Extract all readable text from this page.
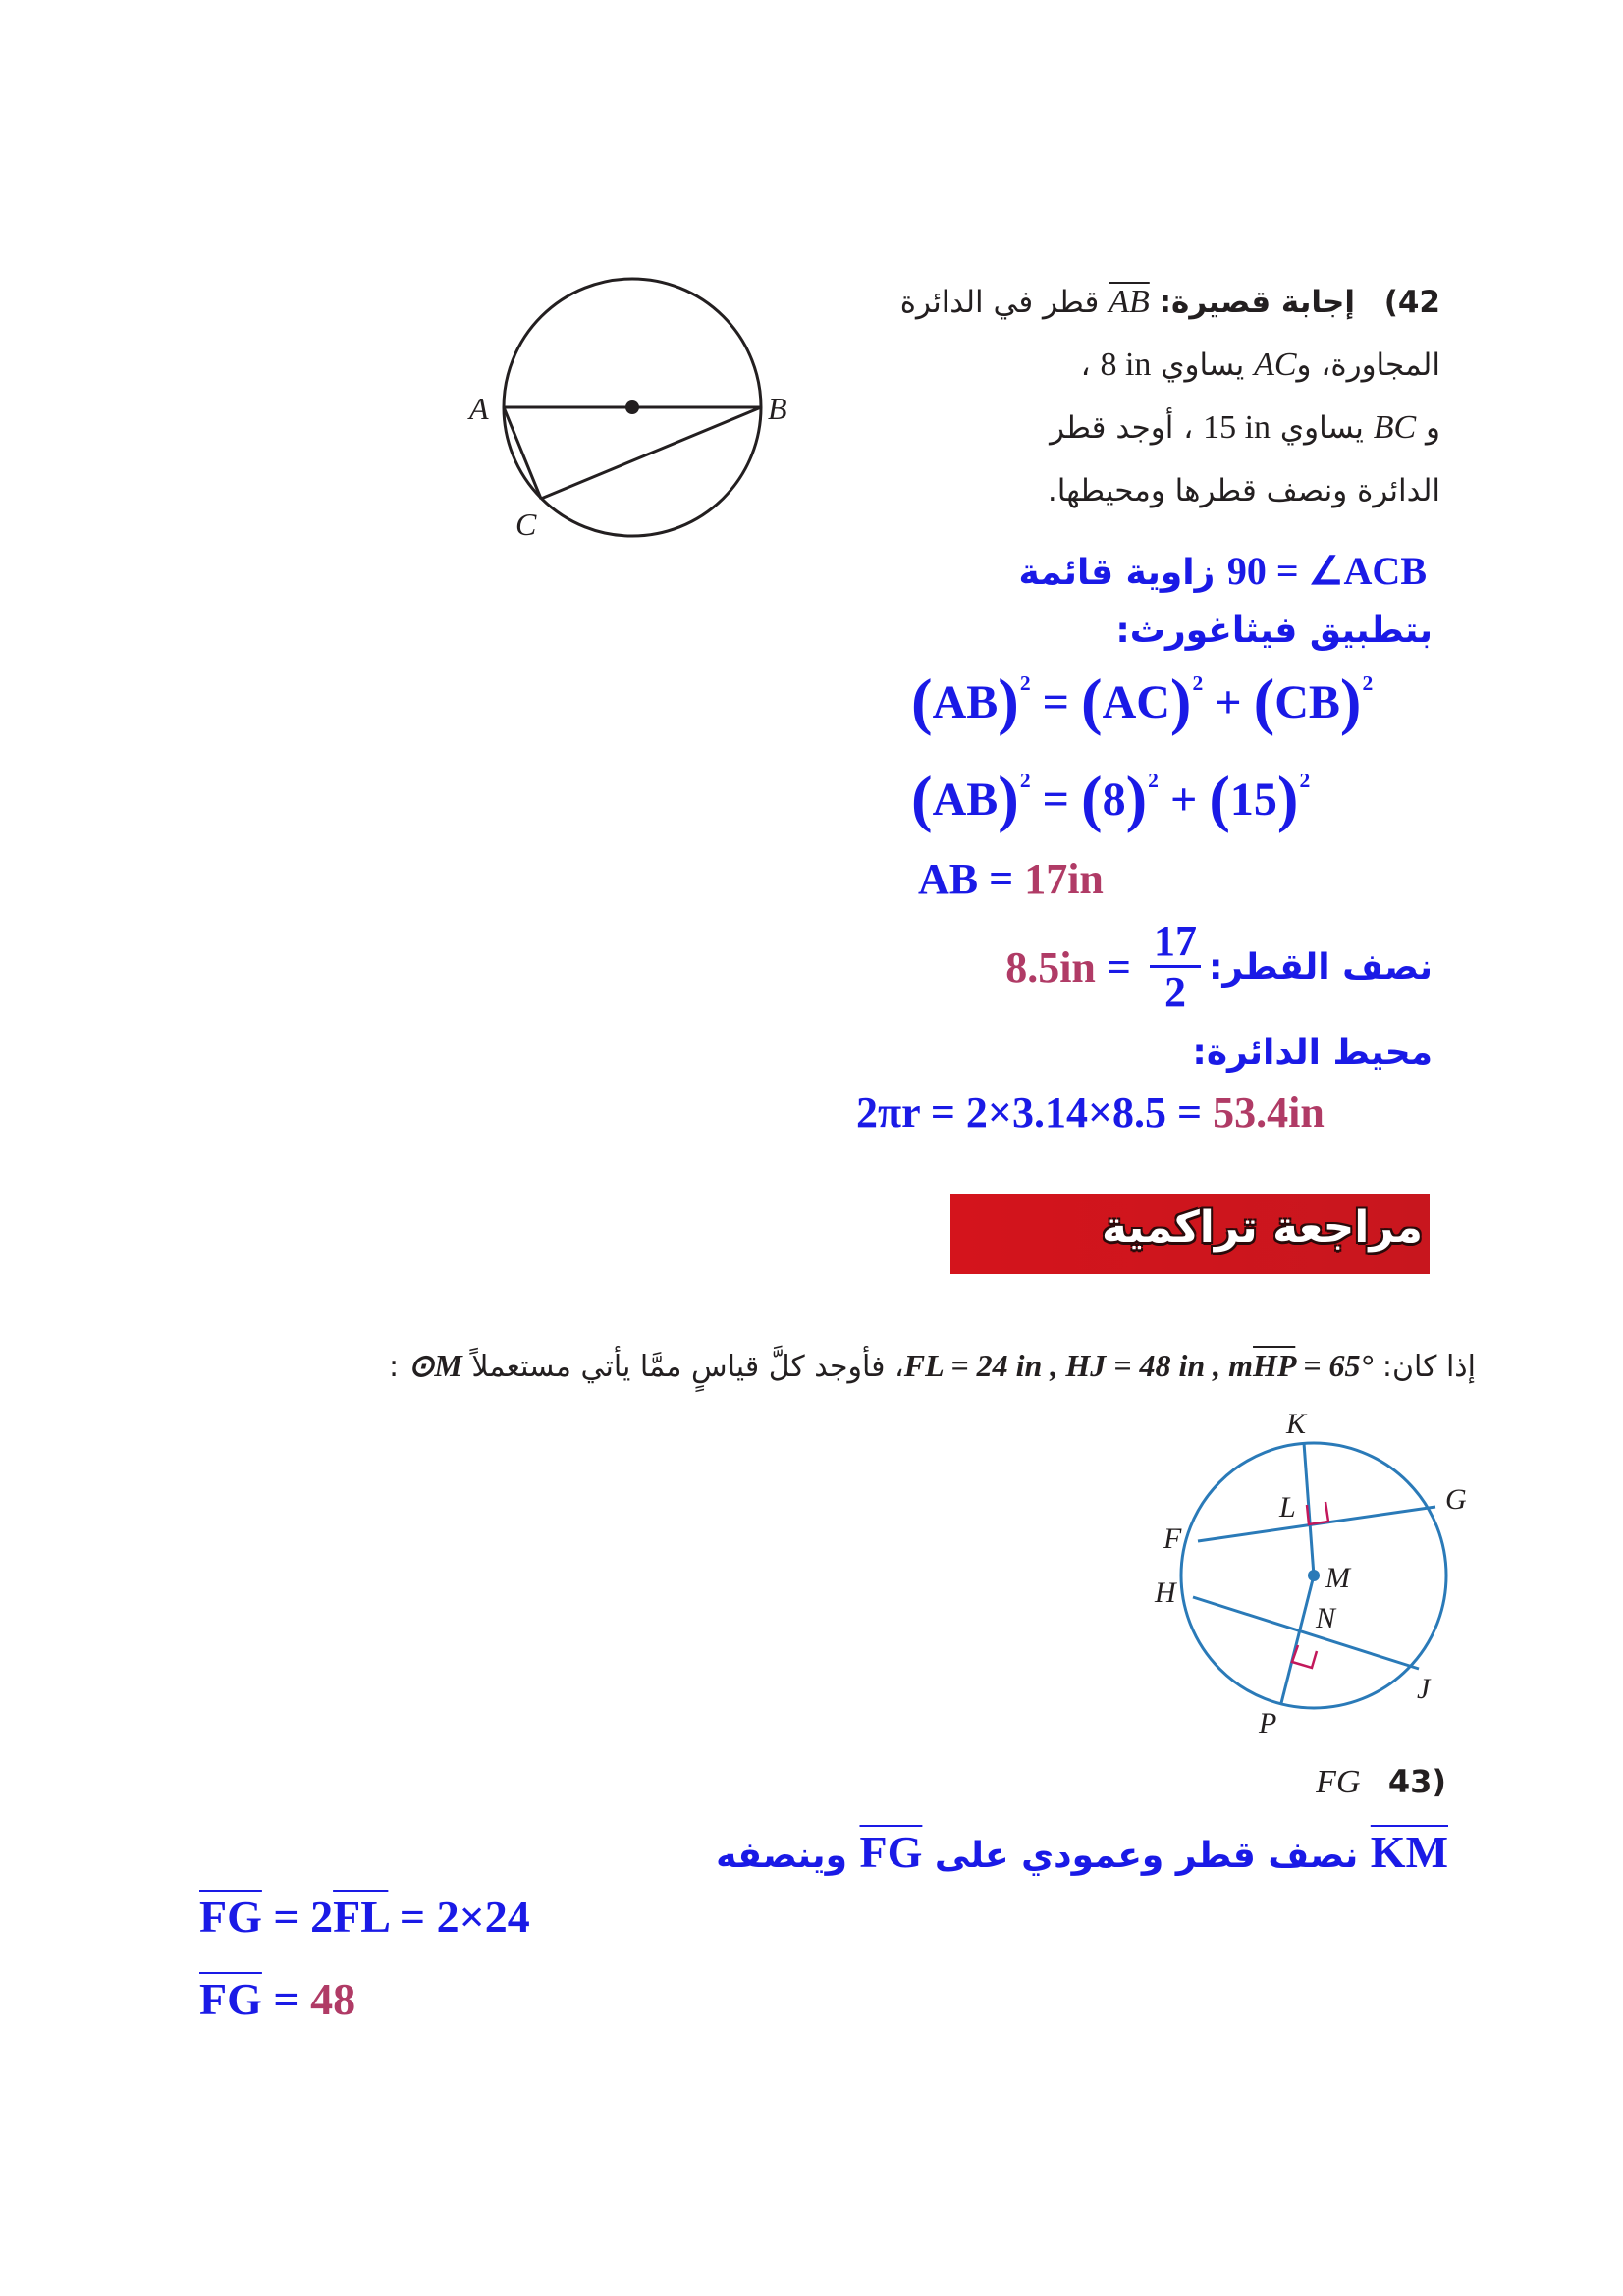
A	B
C
42)  إجابة قصيرة: $\overline{AB}$ قطر في الدائرة
المجاورة، وAC يساوي 8 in ،
و BC يساوي 15 in ، أوجد قطر
الدائرة ونصف قطرها ومحيطها.
90 = ∠ACB زاوية قائمة
بتطبيق فيثاغورث:
(AB)$^2$ = (AC)$^2$ + (CB)$^2$
$(AB)^2 = (8)^2 + (15)^2$
AB = 17in
نصف القطر:
$8.5in = \frac{17}{2}$
محيط الدائرة:
2πr = 2×3.14×8.5 = 53.4in
مراجعة تراكمية
إذا كان: FL = 24 in , HJ = 48 in , $m\overline{HP}$ = 65°، فأوجد كلَّ قياسٍ ممَّا يأتي مستعملاً ⊙M :
K
L	G
F
M
H
N
J
P
(43  FG
$\overline{KM}$ نصف قطر وعمودي على $\overline{FG}$ وينصفه
$\overline{FG} = 2\overline{FL} = 2\times 24$
$\overline{FG} = 48$
